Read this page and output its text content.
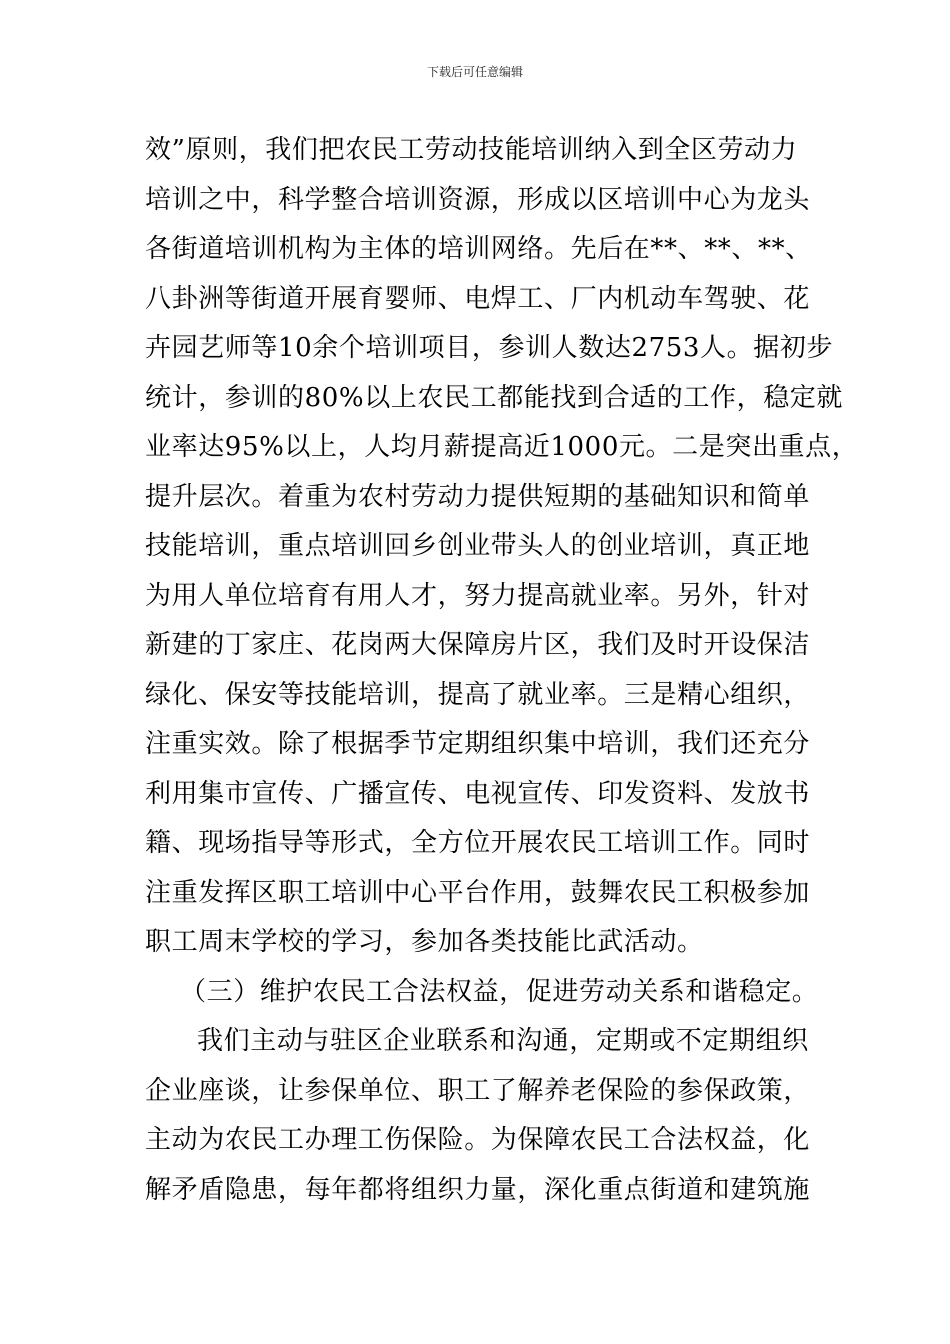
下载后可任意编辑
效”原则，我们把农民工劳动技能培训纳入到全区劳动力
培训之中，科学整合培训资源，形成以区培训中心为龙头
各街道培训机构为主体的培训网络。先后在**、**、**、
八卦洲等街道开展育婴师、电焊工、厂内机动车驾驶、花
卉园艺师等10余个培训项目，参训人数达2753人。据初步
统计，参训的80%以上农民工都能找到合适的工作，稳定就
业率达95%以上，人均月薪提高近1000元。二是突出重点，
提升层次。着重为农村劳动力提供短期的基础知识和简单
技能培训，重点培训回乡创业带头人的创业培训，真正地
为用人单位培育有用人才，努力提高就业率。另外，针对
新建的丁家庄、花岗两大保障房片区，我们及时开设保洁
绿化、保安等技能培训，提高了就业率。三是精心组织，
注重实效。除了根据季节定期组织集中培训，我们还充分
利用集市宣传、广播宣传、电视宣传、印发资料、发放书
籍、现场指导等形式，全方位开展农民工培训工作。同时
注重发挥区职工培训中心平台作用，鼓舞农民工积极参加
职工周末学校的学习，参加各类技能比武活动。
（三）维护农民工合法权益，促进劳动关系和谐稳定。
我们主动与驻区企业联系和沟通，定期或不定期组织
企业座谈，让参保单位、职工了解养老保险的参保政策，
主动为农民工办理工伤保险。为保障农民工合法权益，化
解矛盾隐患，每年都将组织力量，深化重点街道和建筑施
